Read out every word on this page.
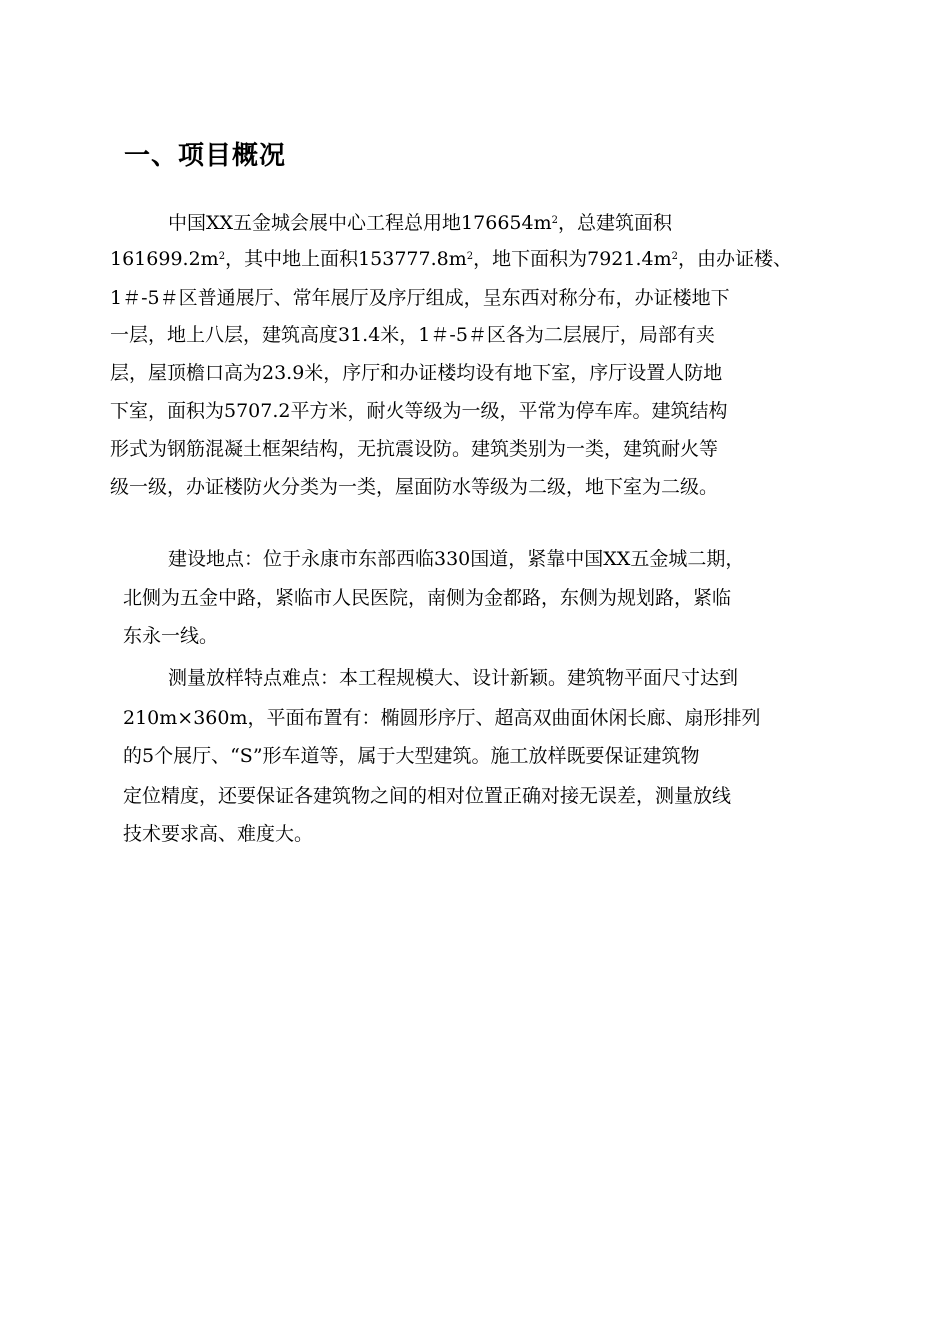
一、项目概况

中国XX五金城会展中心工程总用地$176654m^2$，总建筑面积

$161699.2m^2$，其中地上面积$153777.8m^2$，地下面积为$7921.4m^2$，由办证楼、

1＃-5＃区普通展厅、常年展厅及序厅组成，呈东西对称分布，办证楼地下

一层，地上八层，建筑高度31.4米，1＃-5＃区各为二层展厅，局部有夹

层，屋顶檐口高为23.9米，序厅和办证楼均设有地下室，序厅设置人防地

下室，面积为5707.2平方米，耐火等级为一级，平常为停车库。建筑结构

形式为钢筋混凝土框架结构，无抗震设防。建筑类别为一类，建筑耐火等

级一级，办证楼防火分类为一类，屋面防水等级为二级，地下室为二级。

建设地点：位于永康市东部西临330国道，紧靠中国XX五金城二期，

北侧为五金中路，紧临市人民医院，南侧为金都路，东侧为规划路，紧临

东永一线。

测量放样特点难点：本工程规模大、设计新颖。建筑物平面尺寸达到

210m×360m，平面布置有：椭圆形序厅、超高双曲面休闲长廊、扇形排列

的5个展厅、“S”形车道等，属于大型建筑。施工放样既要保证建筑物

定位精度，还要保证各建筑物之间的相对位置正确对接无误差，测量放线

技术要求高、难度大。
